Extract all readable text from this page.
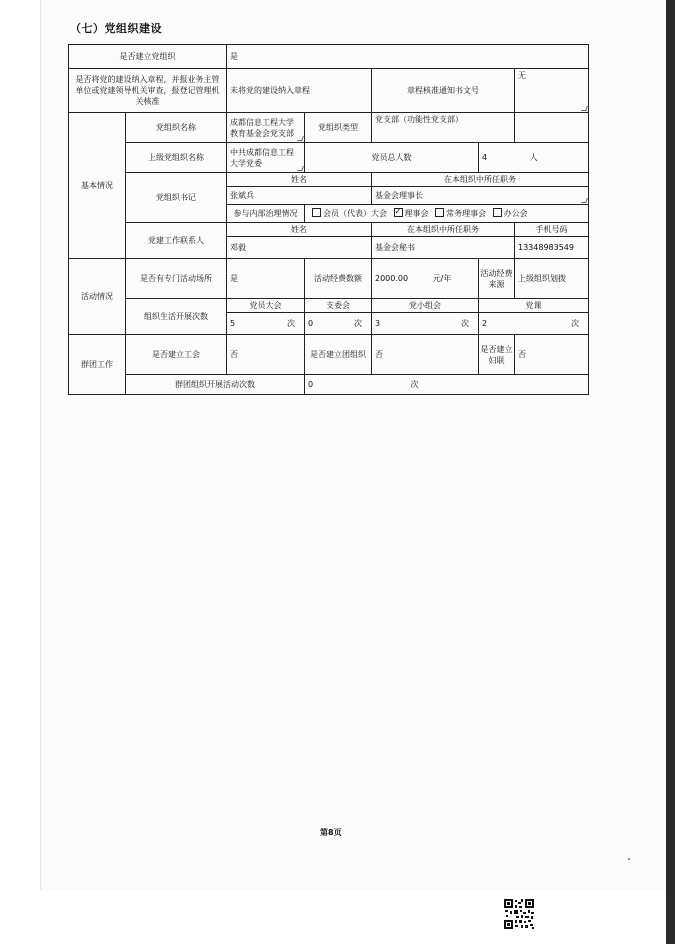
（七）党组织建设
是否建立党组织		是				
是否将党的建设纳入章程，并报业务主管单位或党建领导机关审查，报登记管理机关核准		未将党的建设纳入章程		章程核准通知书文号		无
基本情况	党组织名称	成都信息工程大学教育基金会党支部	党组织类型	党支部（功能性党支部）		
	上级党组织名称	中共成都信息工程大学党委	党员总人数		4 人	
	党组织书记	姓名		在本组织中所任职务		
		张斌兵		基金会理事长		
		参与内部治理情况	会员（代表）大会 ✓ 理事会 常务理事会 办公会
	党建工作联系人	姓名		在本组织中所任职务		手机号码
		邓毅		基金会秘书		13348983549
活动情况	是否有专门活动场所	是	活动经费数额	2000.00 元/年	活动经费来源	上级组织划拨
	组织生活开展次数	党员大会	支委会	党小组会	党课	
		5 次	0 次	3 次	2 次	

群团工作	是否建立工会	否	是否建立团组织	否	是否建立妇联	否
	群团组织开展活动次数		0 次			
第8页
